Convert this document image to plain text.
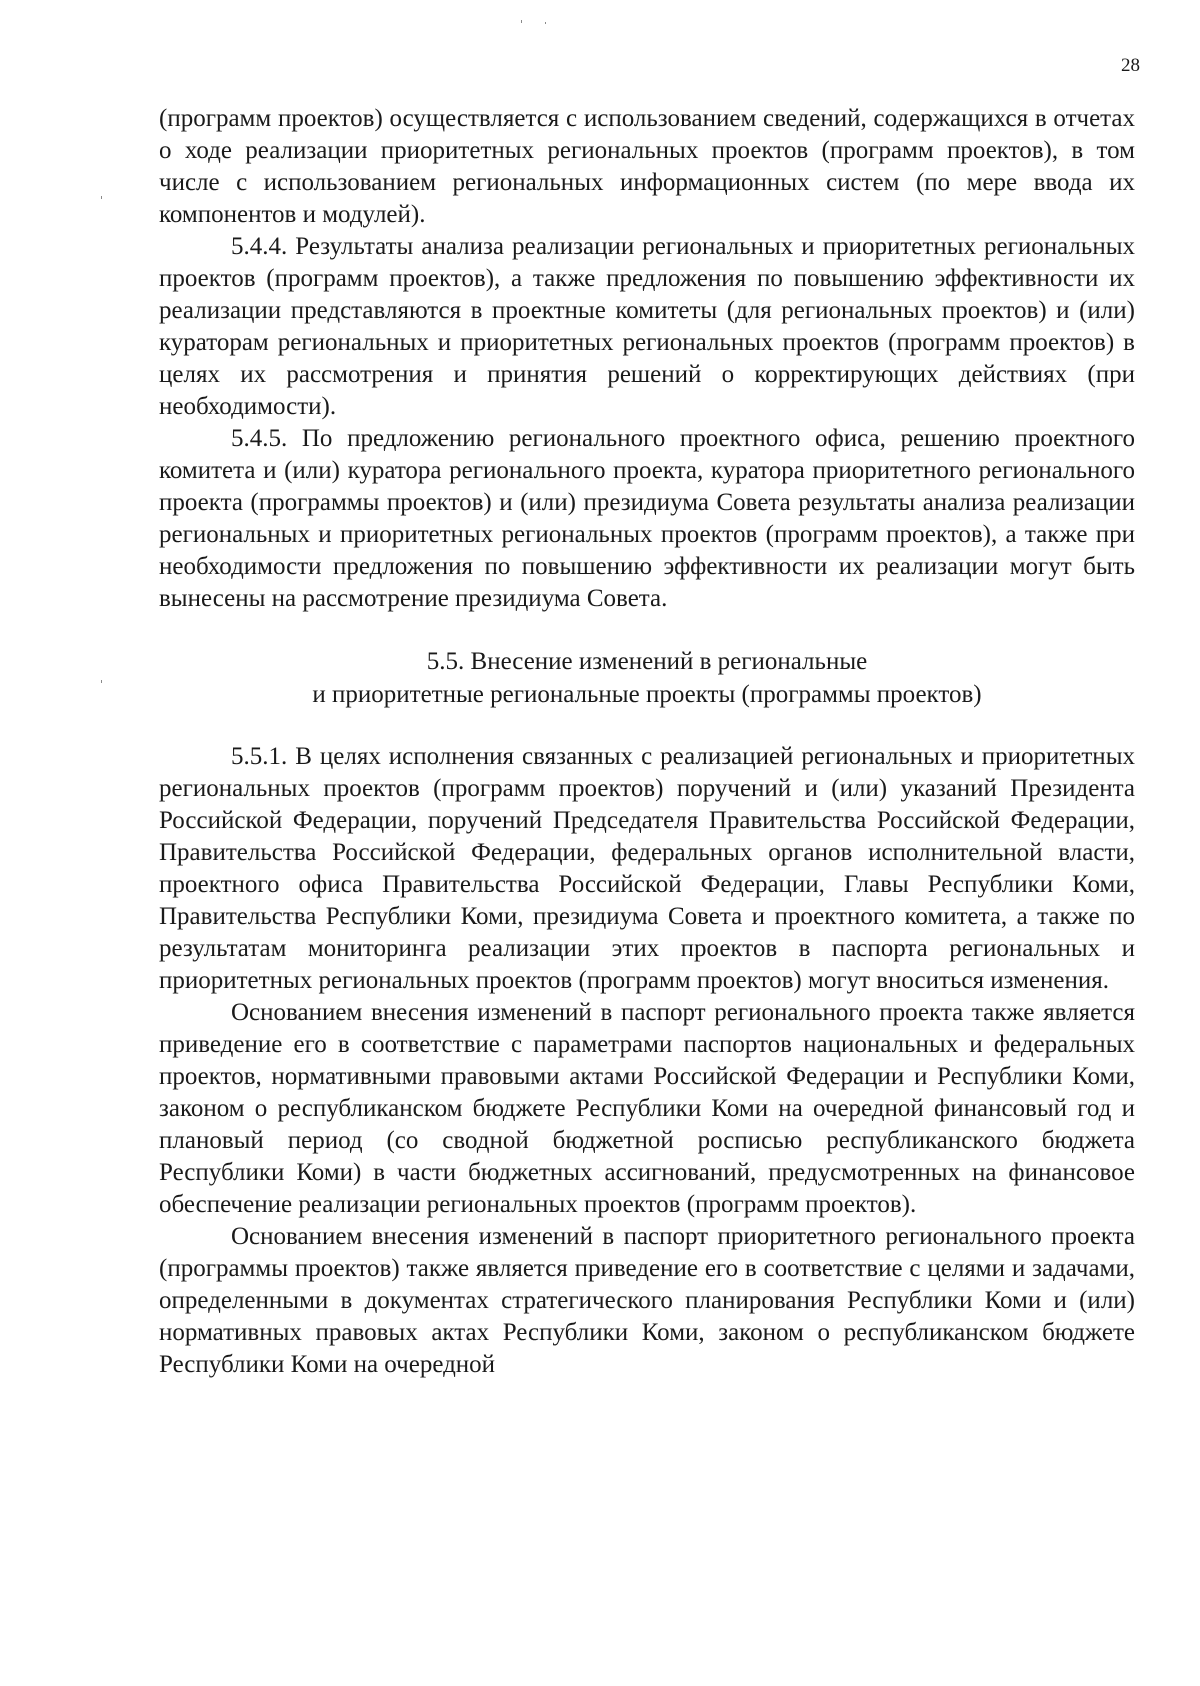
28

(программ проектов) осуществляется с использованием сведений, содержащихся в отчетах о ходе реализации приоритетных региональных проектов (программ проектов), в том числе с использованием региональных информационных систем (по мере ввода их компонентов и модулей).

5.4.4. Результаты анализа реализации региональных и приоритетных региональных проектов (программ проектов), а также предложения по повышению эффективности их реализации представляются в проектные комитеты (для региональных проектов) и (или) кураторам региональных и приоритетных региональных проектов (программ проектов) в целях их рассмотрения и принятия решений о корректирующих действиях (при необходимости).

5.4.5. По предложению регионального проектного офиса, решению проектного комитета и (или) куратора регионального проекта, куратора приоритетного регионального проекта (программы проектов) и (или) президиума Совета результаты анализа реализации региональных и приоритетных региональных проектов (программ проектов), а также при необходимости предложения по повышению эффективности их реализации могут быть вынесены на рассмотрение президиума Совета.

5.5. Внесение изменений в региональные
и приоритетные региональные проекты (программы проектов)

5.5.1. В целях исполнения связанных с реализацией региональных и приоритетных региональных проектов (программ проектов) поручений и (или) указаний Президента Российской Федерации, поручений Председателя Правительства Российской Федерации, Правительства Российской Федерации, федеральных органов исполнительной власти, проектного офиса Правительства Российской Федерации, Главы Республики Коми, Правительства Республики Коми, президиума Совета и проектного комитета, а также по результатам мониторинга реализации этих проектов в паспорта региональных и приоритетных региональных проектов (программ проектов) могут вноситься изменения.

Основанием внесения изменений в паспорт регионального проекта также является приведение его в соответствие с параметрами паспортов национальных и федеральных проектов, нормативными правовыми актами Российской Федерации и Республики Коми, законом о республиканском бюджете Республики Коми на очередной финансовый год и плановый период (со сводной бюджетной росписью республиканского бюджета Республики Коми) в части бюджетных ассигнований, предусмотренных на финансовое обеспечение реализации региональных проектов (программ проектов).

Основанием внесения изменений в паспорт приоритетного регионального проекта (программы проектов) также является приведение его в соответствие с целями и задачами, определенными в документах стратегического планирования Республики Коми и (или) нормативных правовых актах Республики Коми, законом о республиканском бюджете Республики Коми на очередной
